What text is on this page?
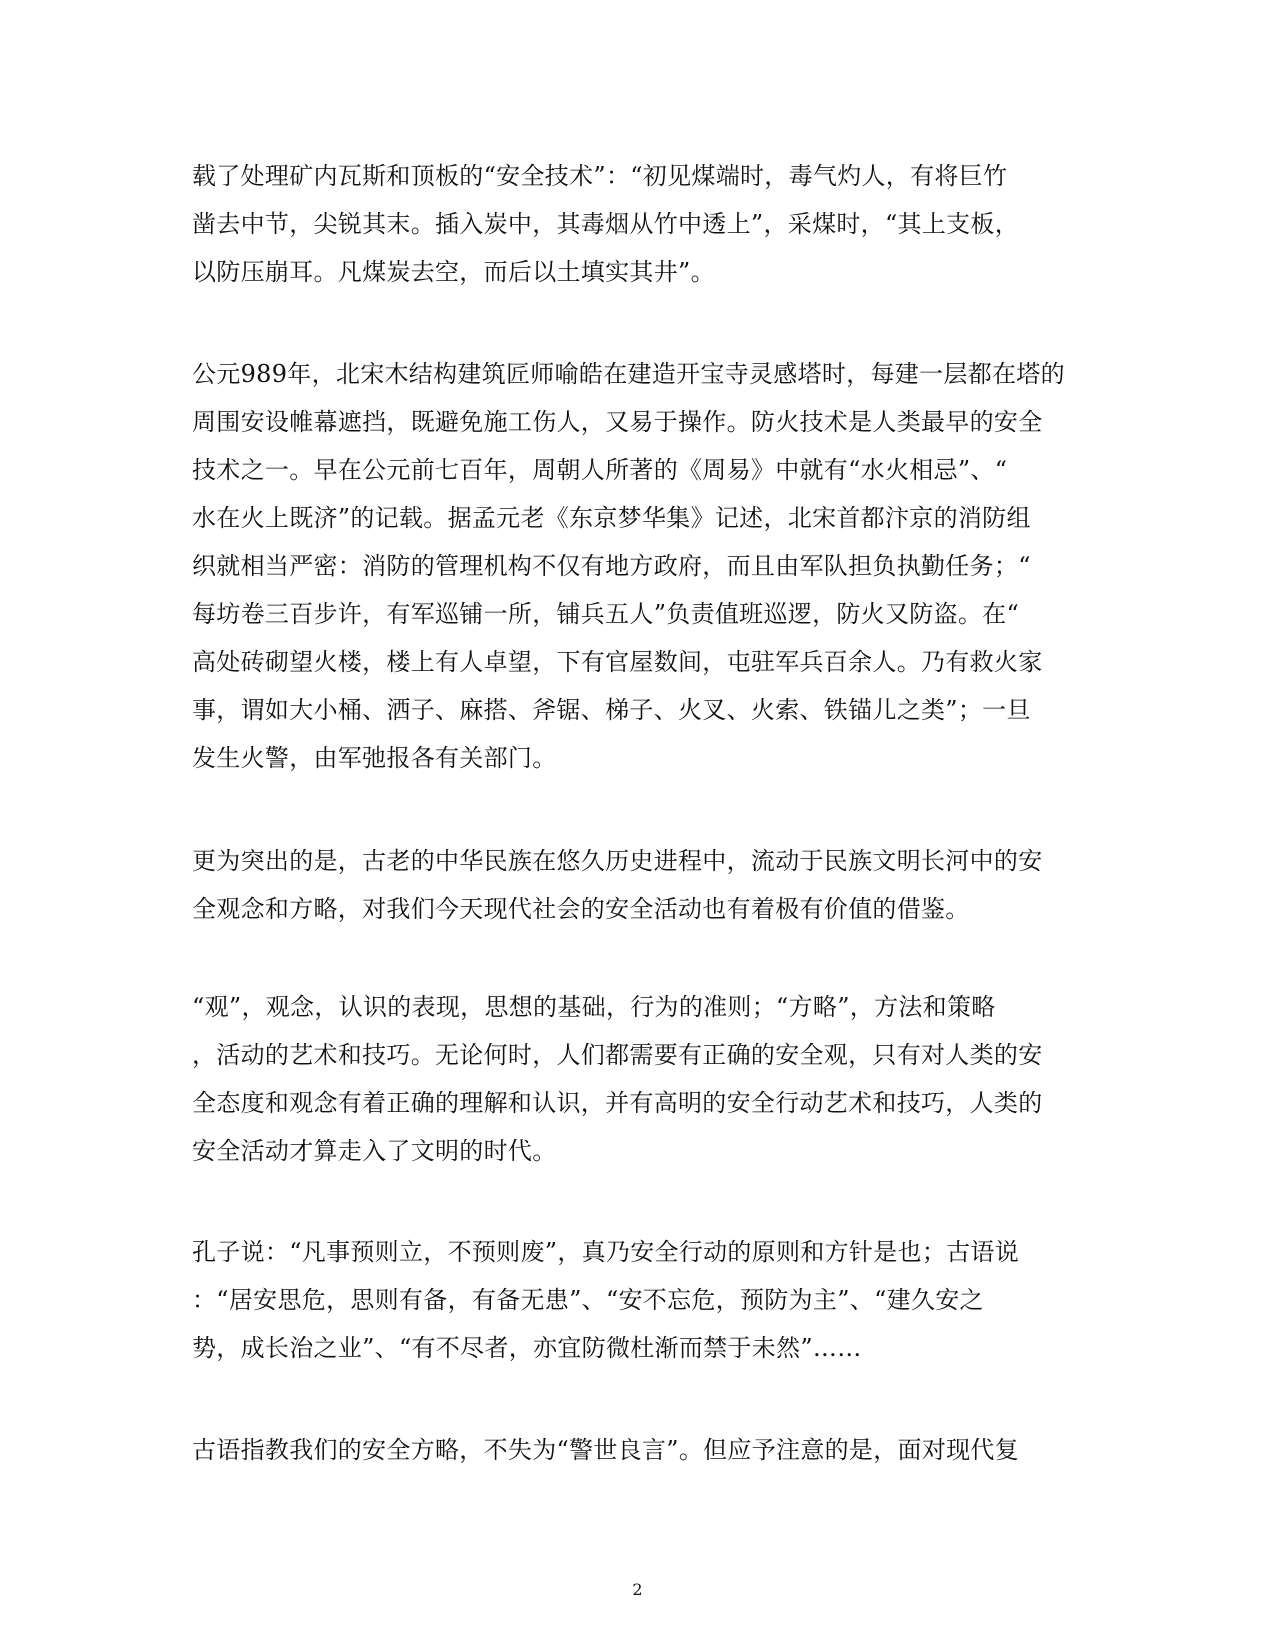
载了处理矿内瓦斯和顶板的“安全技术”：“初见煤端时，毒气灼人，有将巨竹
凿去中节，尖锐其末。插入炭中，其毒烟从竹中透上”，采煤时，“其上支板，
以防压崩耳。凡煤炭去空，而后以土填实其井”。
公元989年，北宋木结构建筑匠师喻皓在建造开宝寺灵感塔时，每建一层都在塔的
周围安设帷幕遮挡，既避免施工伤人，又易于操作。防火技术是人类最早的安全
技术之一。早在公元前七百年，周朝人所著的《周易》中就有“水火相忌”、“
水在火上既济”的记载。据孟元老《东京梦华集》记述，北宋首都汴京的消防组
织就相当严密：消防的管理机构不仅有地方政府，而且由军队担负执勤任务；“
每坊卷三百步许，有军巡铺一所，铺兵五人”负责值班巡逻，防火又防盗。在“
高处砖砌望火楼，楼上有人卓望，下有官屋数间，屯驻军兵百余人。乃有救火家
事，谓如大小桶、洒子、麻搭、斧锯、梯子、火叉、火索、铁锚儿之类”；一旦
发生火警，由军弛报各有关部门。
更为突出的是，古老的中华民族在悠久历史进程中，流动于民族文明长河中的安
全观念和方略，对我们今天现代社会的安全活动也有着极有价值的借鉴。
“观”，观念，认识的表现，思想的基础，行为的准则；“方略”，方法和策略
，活动的艺术和技巧。无论何时，人们都需要有正确的安全观，只有对人类的安
全态度和观念有着正确的理解和认识，并有高明的安全行动艺术和技巧，人类的
安全活动才算走入了文明的时代。
孔子说：“凡事预则立，不预则废”，真乃安全行动的原则和方针是也；古语说
：“居安思危，思则有备，有备无患”、“安不忘危，预防为主”、“建久安之
势，成长治之业”、“有不尽者，亦宜防微杜渐而禁于未然”……
古语指教我们的安全方略，不失为“警世良言”。但应予注意的是，面对现代复
2
